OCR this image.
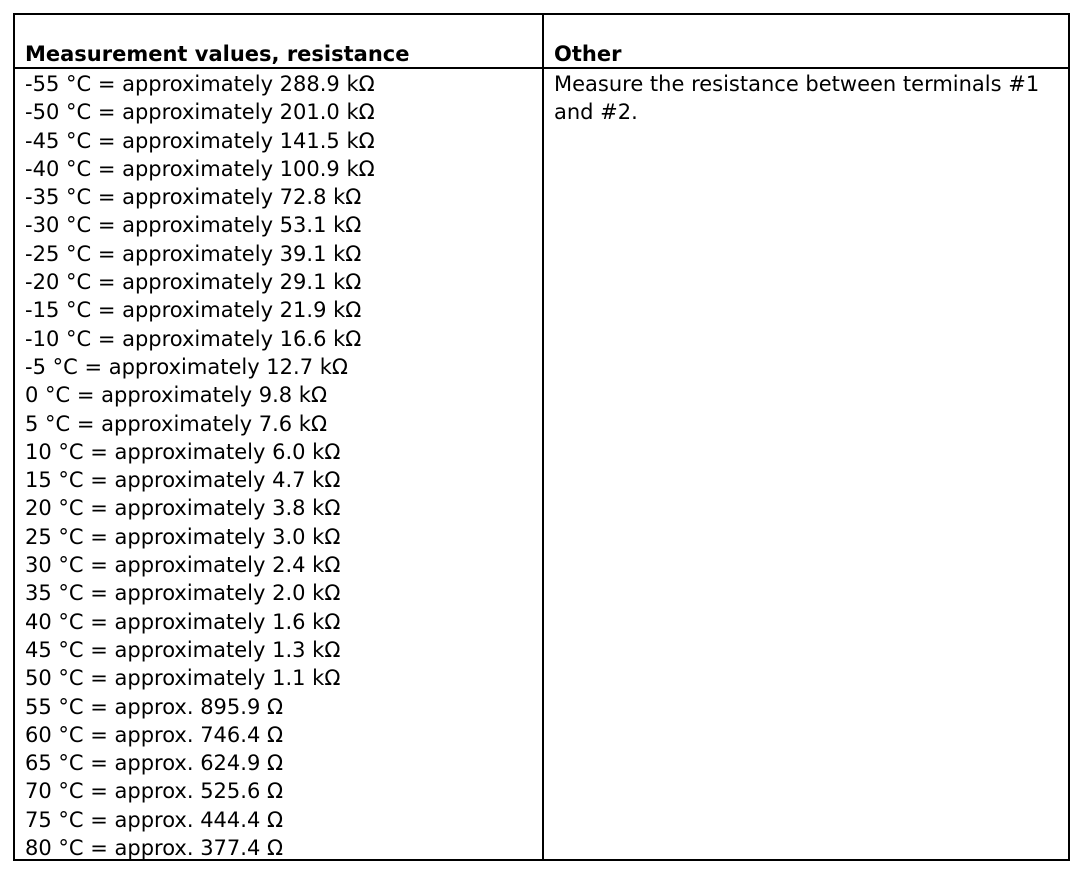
Measurement values, resistance	Other
-55 °C = approximately 288.9 kΩ
-50 °C = approximately 201.0 kΩ
-45 °C = approximately 141.5 kΩ
-40 °C = approximately 100.9 kΩ
-35 °C = approximately 72.8 kΩ
-30 °C = approximately 53.1 kΩ
-25 °C = approximately 39.1 kΩ
-20 °C = approximately 29.1 kΩ
-15 °C = approximately 21.9 kΩ
-10 °C = approximately 16.6 kΩ
-5 °C = approximately 12.7 kΩ
0 °C = approximately 9.8 kΩ
5 °C = approximately 7.6 kΩ
10 °C = approximately 6.0 kΩ
15 °C = approximately 4.7 kΩ
20 °C = approximately 3.8 kΩ
25 °C = approximately 3.0 kΩ
30 °C = approximately 2.4 kΩ
35 °C = approximately 2.0 kΩ
40 °C = approximately 1.6 kΩ
45 °C = approximately 1.3 kΩ
50 °C = approximately 1.1 kΩ
55 °C = approx. 895.9 Ω
60 °C = approx. 746.4 Ω
65 °C = approx. 624.9 Ω
70 °C = approx. 525.6 Ω
75 °C = approx. 444.4 Ω
80 °C = approx. 377.4 Ω
Measure the resistance between terminals #1 and #2.
